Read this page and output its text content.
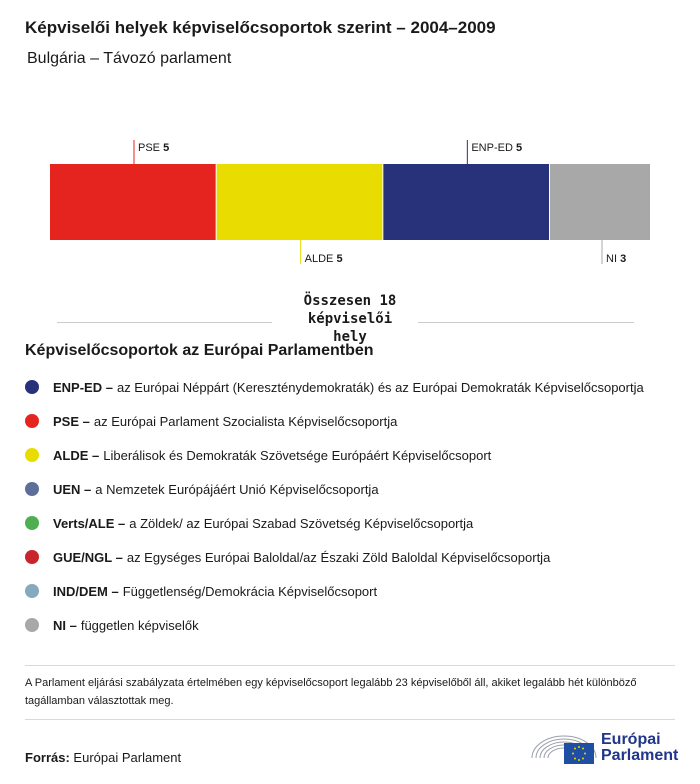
Képviselői helyek képviselőcsoportok szerint – 2004–2009

Bulgária – Távozó parlament

PSE 5
ALDE 5
ENP-ED 5
NI 3
Összesen 18 képviselői hely
Képviselőcsoportok az Európai Parlamentben
ENP-ED – az Európai Néppárt (Kereszténydemokraták) és az Európai Demokraták Képviselőcsoportja
PSE – az Európai Parlament Szocialista Képviselőcsoportja
ALDE – Liberálisok és Demokraták Szövetsége Európáért Képviselőcsoport
UEN – a Nemzetek Európájáért Unió Képviselőcsoportja
Verts/ALE – a Zöldek/ az Európai Szabad Szövetség Képviselőcsoportja
GUE/NGL – az Egységes Európai Baloldal/az Északi Zöld Baloldal Képviselőcsoportja
IND/DEM – Függetlenség/Demokrácia Képviselőcsoport
NI – független képviselők
A Parlament eljárási szabályzata értelmében egy képviselőcsoport legalább 23 képviselőből áll, akiket legalább hét különböző tagállamban választottak meg.
Forrás: Európai Parlament
Európai
Parlament
